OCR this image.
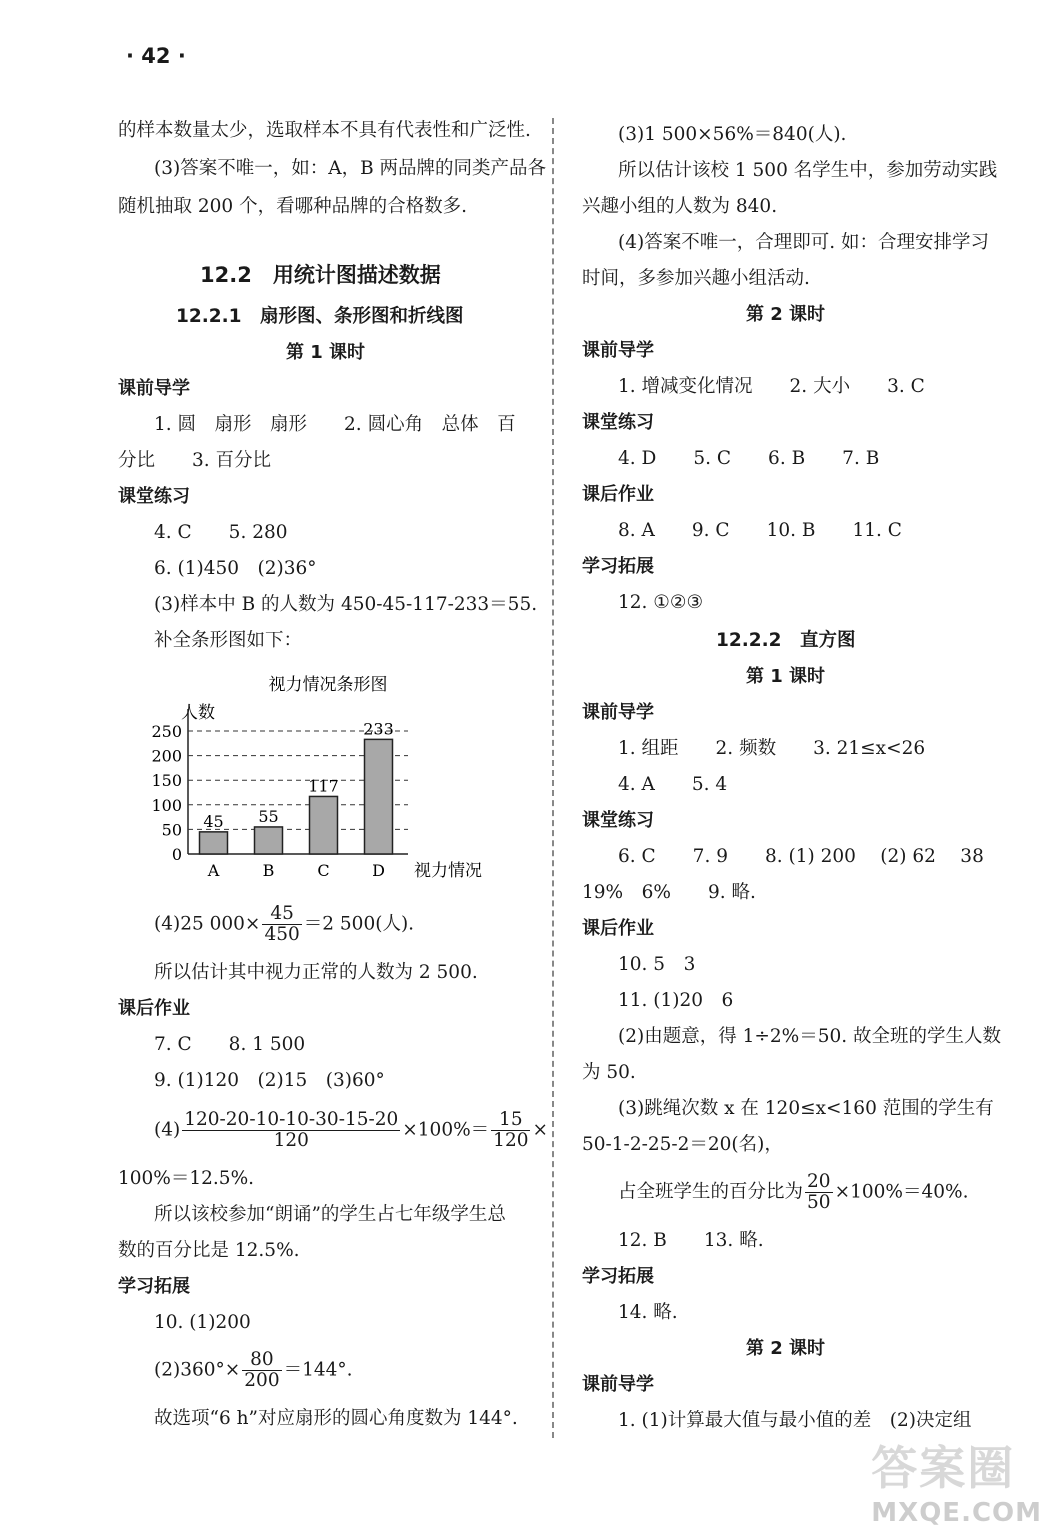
· 42 ·
的样本数量太少，选取样本不具有代表性和广泛性.
(3)答案不唯一，如：A，B 两品牌的同类产品各
随机抽取 200 个，看哪种品牌的合格数多.
12.2　用统计图描述数据
12.2.1　扇形图、条形图和折线图
第 1 课时
课前导学
1. 圆　扇形　扇形　　2. 圆心角　总体　百
分比　　3. 百分比
课堂练习
4. C　　5. 280
6. (1)450　(2)36°
(3)样本中 B 的人数为 450-45-117-233＝55.
补全条形图如下：
视力情况条形图
人数
视力情况
0
50
100
150
200
250
45
A
55
B
117
C
233
D
(4)25 $000\times \frac{45}{450} =2$ 500(人).
所以估计其中视力正常的人数为 2 500.
课后作业
7. C　　8. 1 500
9. (1)120　(2)15　(3)60°
$(4) \frac{120-20-10-10-30-15-20}{120} \times 100\%= \frac{15}{120}$ ×
100%＝12.5%.
所以该校参加“朗诵”的学生占七年级学生总
数的百分比是 12.5%.
学习拓展
10. (1)200
$(2)360^\circ\times \frac{80}{200} =144^\circ$.
故选项“6 h”对应扇形的圆心角度数为 144°.
(3)1 500×56%＝840(人).
所以估计该校 1 500 名学生中，参加劳动实践
兴趣小组的人数为 840.
(4)答案不唯一，合理即可. 如：合理安排学习
时间，多参加兴趣小组活动.
第 2 课时
课前导学
1. 增减变化情况　　2. 大小　　3. C
课堂练习
4. D　　5. C　　6. B　　7. B
课后作业
8. A　　9. C　　10. B　　11. C
学习拓展
12. ①②③
12.2.2　直方图
第 1 课时
课前导学
1. 组距　　2. 频数　　3. 21≤x<26
4. A　　5. 4
课堂练习
6. C　　7. 9　　8. (1) 200　 (2) 62　 38
19%　6%　　9. 略.
课后作业
10. 5　3
11. (1)20　6
(2)由题意，得 1÷2%＝50. 故全班的学生人数
为 50.
(3)跳绳次数 x 在 120≤x<160 范围的学生有
50-1-2-25-2＝20(名)，
占全班学生的百分比为 $\frac{20}{50} \times 100\%=40\%$.
12. B　　13. 略.
学习拓展
14. 略.
第 2 课时
课前导学
1. (1)计算最大值与最小值的差　(2)决定组
答案圈
MXQE.COM
